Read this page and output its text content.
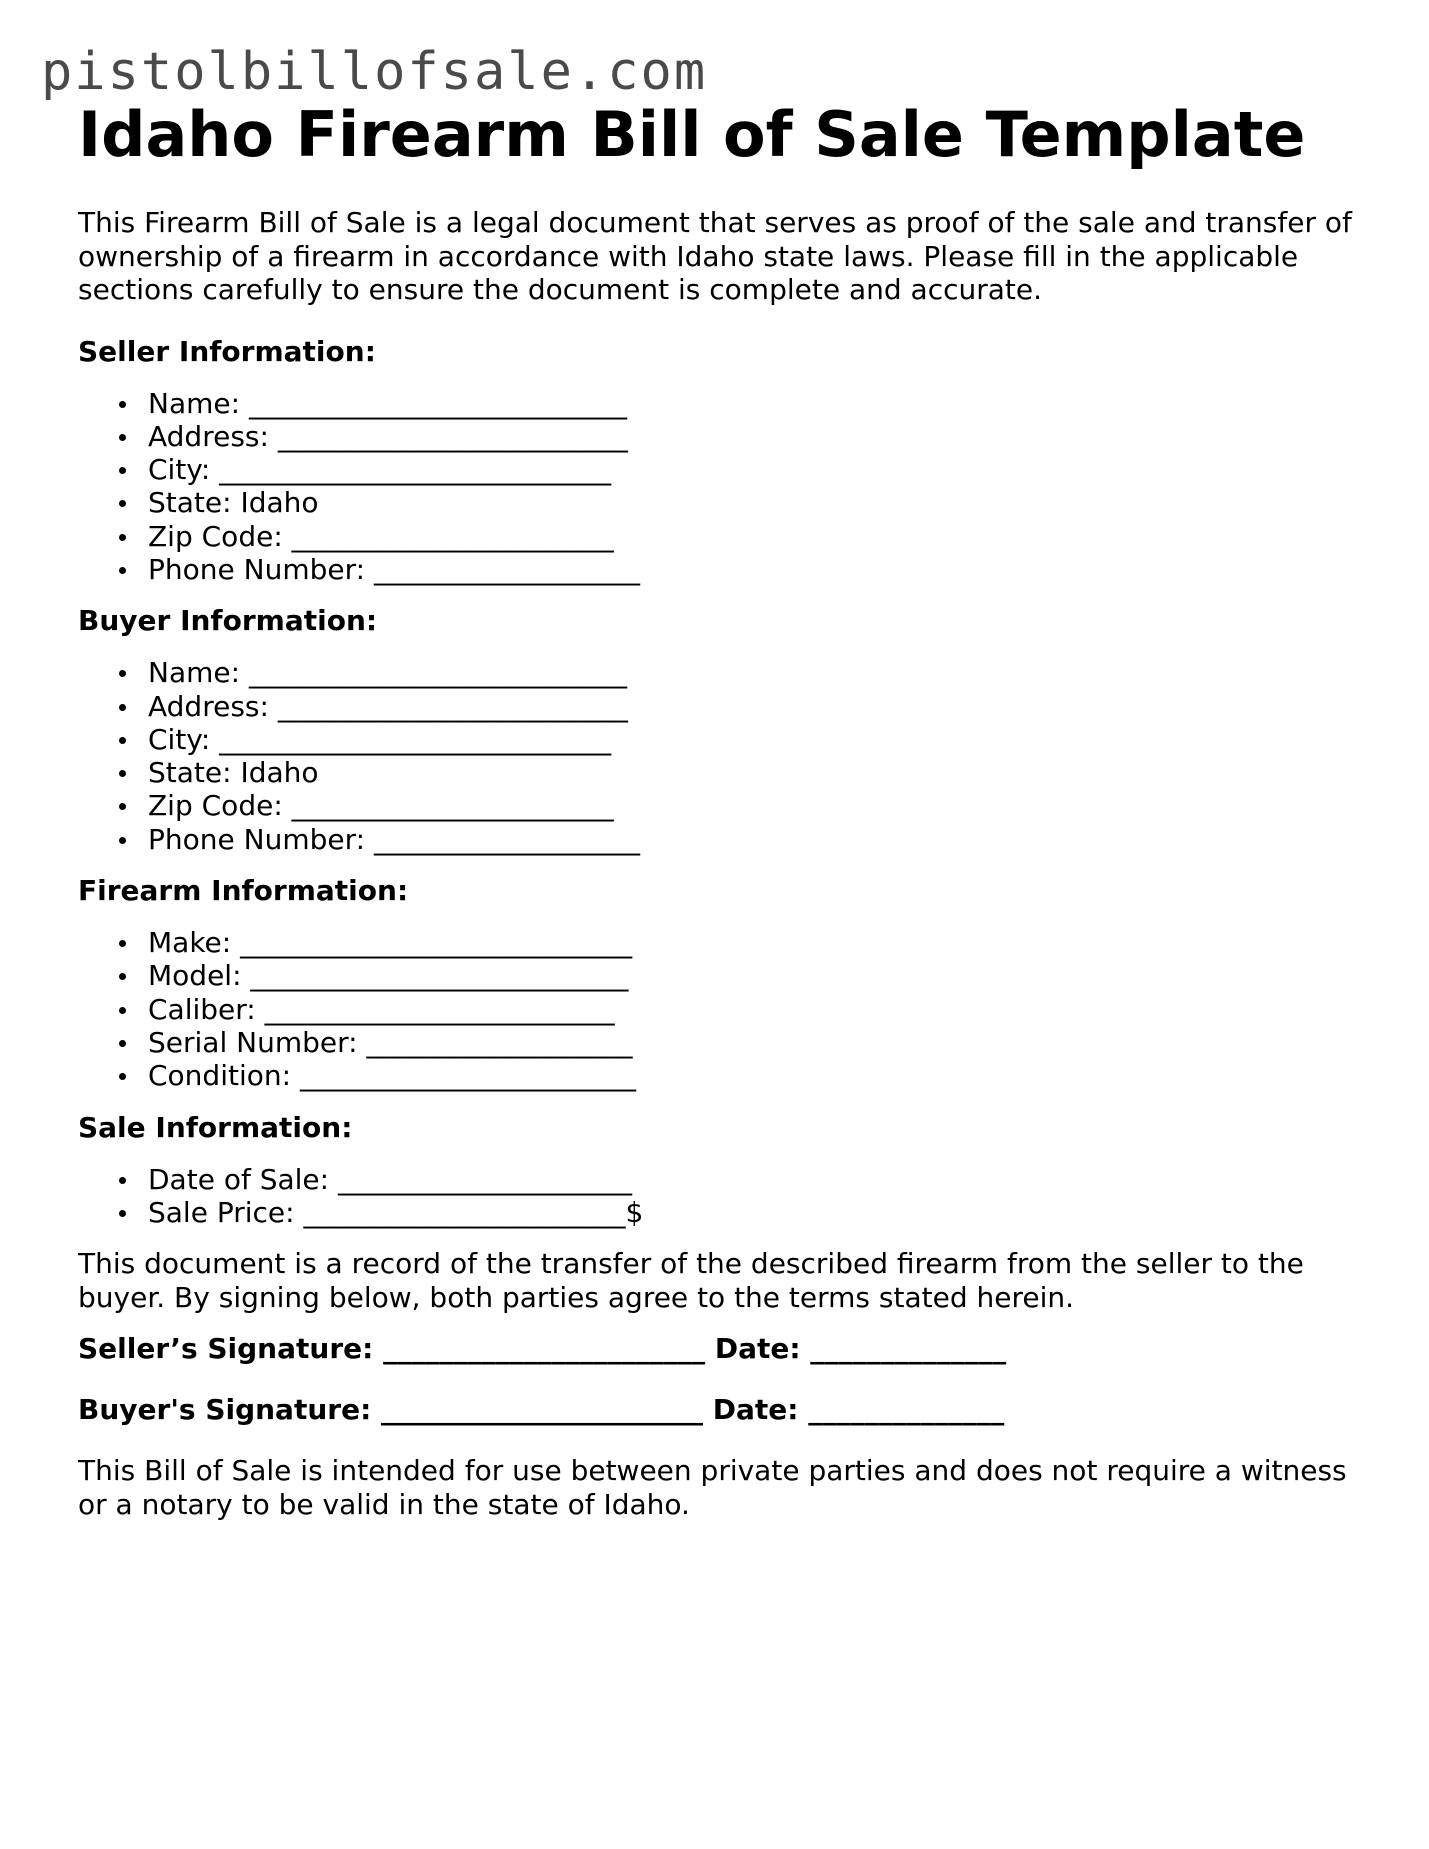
pistolbillofsale.com
Idaho Firearm Bill of Sale Template

This Firearm Bill of Sale is a legal document that serves as proof of the sale and transfer of ownership of a firearm in accordance with Idaho state laws. Please fill in the applicable sections carefully to ensure the document is complete and accurate.

Seller Information:

Name: ___________________________
Address: _________________________
City: ____________________________
State: Idaho
Zip Code: _______________________
Phone Number: ___________________

Buyer Information:

Name: ___________________________
Address: _________________________
City: ____________________________
State: Idaho
Zip Code: _______________________
Phone Number: ___________________

Firearm Information:

Make: ____________________________
Model: ___________________________
Caliber: _________________________
Serial Number: ___________________
Condition: ________________________

Sale Information:

Date of Sale: _____________________
Sale Price: _______________________$

This document is a record of the transfer of the described firearm from the seller to the buyer. By signing below, both parties agree to the terms stated herein.

Seller’s Signature: _______________________ Date: ______________

Buyer's Signature: _______________________ Date: ______________

This Bill of Sale is intended for use between private parties and does not require a witness or a notary to be valid in the state of Idaho.
